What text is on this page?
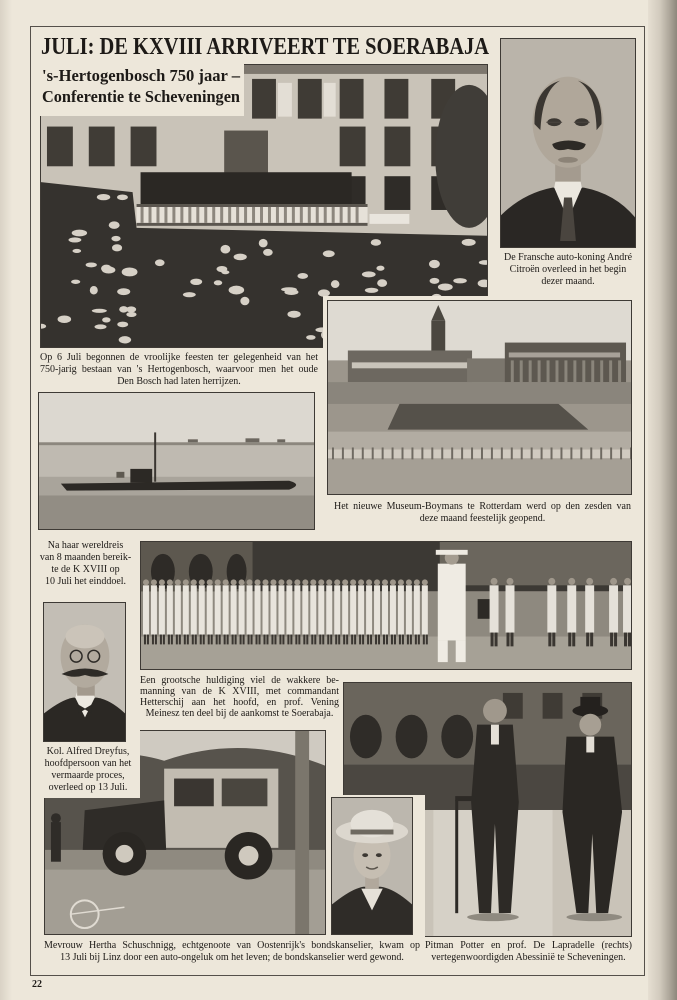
JULI: DE KXVIII ARRIVEERT TE SOERABAJA
's-Hertogenbosch 750 jaar –
Conferentie te Scheveningen
De Fransche auto-koning André
Citroën overleed in het begin
dezer maand.
Op 6 Juli begonnen de vroolijke feesten ter gelegenheid van het
750-jarig bestaan van 's Hertogenbosch, waarvoor men het oude
Den Bosch had laten herrijzen.
Het nieuwe Museum-Boymans te Rotterdam werd op den zesden van
deze maand feestelijk geopend.
Na haar wereldreis
van 8 maanden bereik-
te de K XVIII op
10 Juli het einddoel.
Een grootsche huldiging viel de wakkere be-
manning van de K XVIII, met commandant
Hetterschij aan het hoofd, en prof. Vening
Meinesz ten deel bij de aankomst te Soerabaja.
Kol. Alfred Dreyfus,
hoofdpersoon van het
vermaarde proces,
overleed op 13 Juli.
Mevrouw Hertha Schuschnigg, echtgenoote van Oostenrijk's bondskanselier, kwam op
13 Juli bij Linz door een auto-ongeluk om het leven; de bondskanselier werd gewond.
Pitman Potter en prof. De Lapradelle (rechts)
vertegenwoordigden Abessinië te Scheveningen.
22
